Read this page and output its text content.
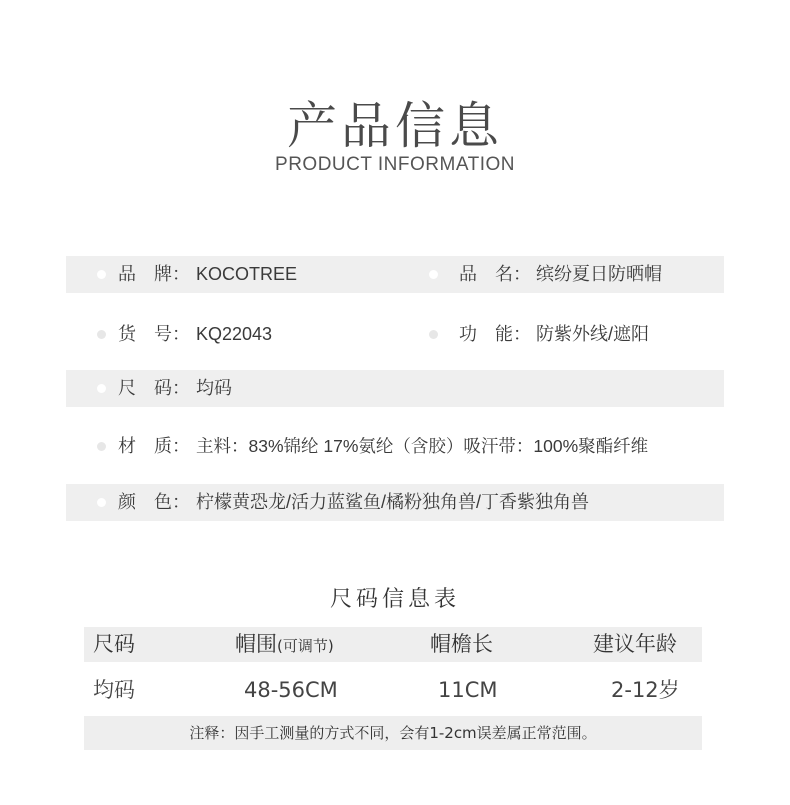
产品信息
PRODUCT INFORMATION
品　牌： KOCOTREE	品　名： 缤纷夏日防晒帽
货　号： KQ22043	功　能： 防紫外线/遮阳
尺　码： 均码
材　质： 主料：83%锦纶 17%氨纶（含胶）吸汗带：100%聚酯纤维
颜　色： 柠檬黄恐龙/活力蓝鲨鱼/橘粉独角兽/丁香紫独角兽
尺码信息表
尺码	帽围(可调节)	帽檐长	建议年龄
均码	48-56CM	11CM	2-12岁
注释：因手工测量的方式不同，会有1-2cm误差属正常范围。
